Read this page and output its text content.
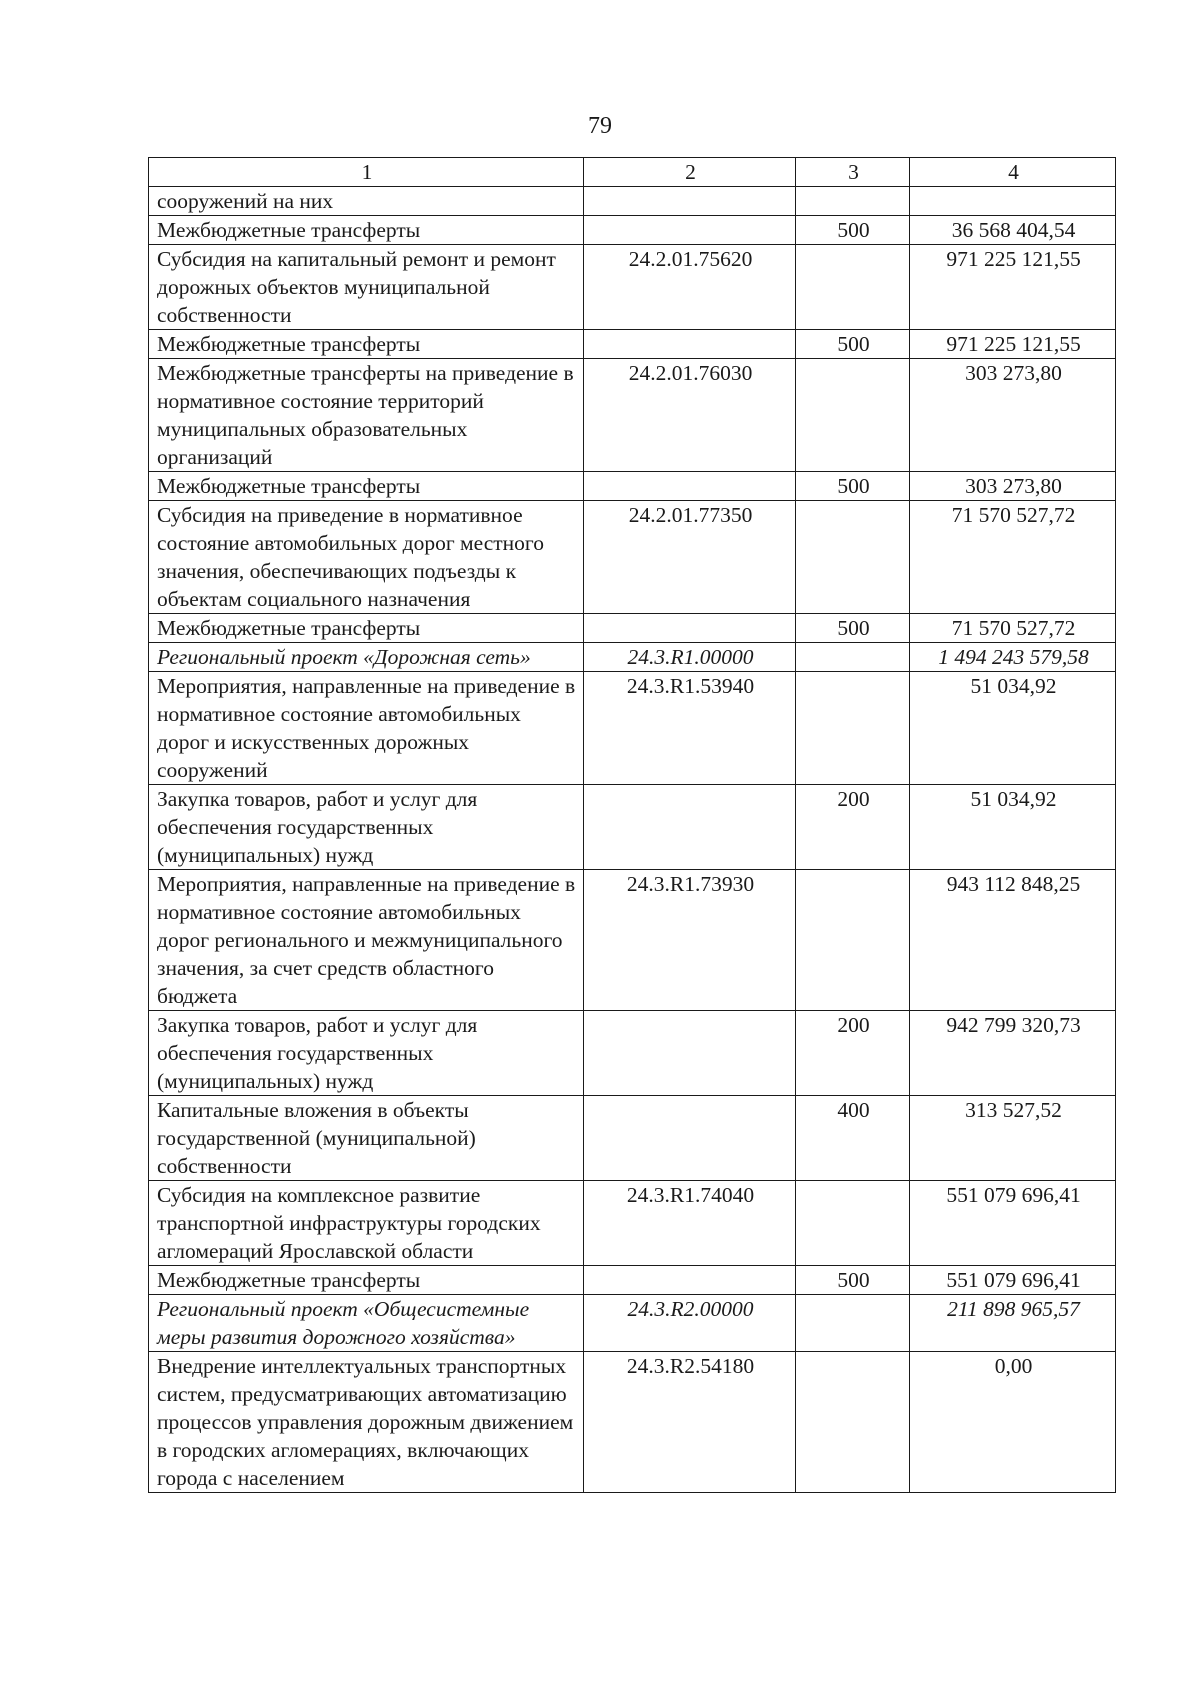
79
1	2	3	4
сооружений на них			
Межбюджетные трансферты		500	36 568 404,54
Субсидия на капитальный ремонт и ремонт дорожных объектов муниципальной собственности	24.2.01.75620		971 225 121,55
Межбюджетные трансферты		500	971 225 121,55
Межбюджетные трансферты на приведение в нормативное состояние территорий муниципальных образовательных организаций	24.2.01.76030		303 273,80
Межбюджетные трансферты		500	303 273,80
Субсидия на приведение в нормативное состояние автомобильных дорог местного значения, обеспечивающих подъезды к объектам социального назначения	24.2.01.77350		71 570 527,72
Межбюджетные трансферты		500	71 570 527,72
Региональный проект «Дорожная сеть»	24.3.R1.00000		1 494 243 579,58
Мероприятия, направленные на приведение в нормативное состояние автомобильных дорог и искусственных дорожных сооружений	24.3.R1.53940		51 034,92
Закупка товаров, работ и услуг для обеспечения государственных (муниципальных) нужд		200	51 034,92
Мероприятия, направленные на приведение в нормативное состояние автомобильных дорог регионального и межмуниципального значения, за счет средств областного бюджета	24.3.R1.73930		943 112 848,25
Закупка товаров, работ и услуг для обеспечения государственных (муниципальных) нужд		200	942 799 320,73
Капитальные вложения в объекты государственной (муниципальной) собственности		400	313 527,52
Субсидия на комплексное развитие транспортной инфраструктуры городских агломераций Ярославской области	24.3.R1.74040		551 079 696,41
Межбюджетные трансферты		500	551 079 696,41
Региональный проект «Общесистемные меры развития дорожного хозяйства»	24.3.R2.00000		211 898 965,57
Внедрение интеллектуальных транспортных систем, предусматривающих автоматизацию процессов управления дорожным движением в городских агломерациях, включающих города с населением	24.3.R2.54180		0,00
